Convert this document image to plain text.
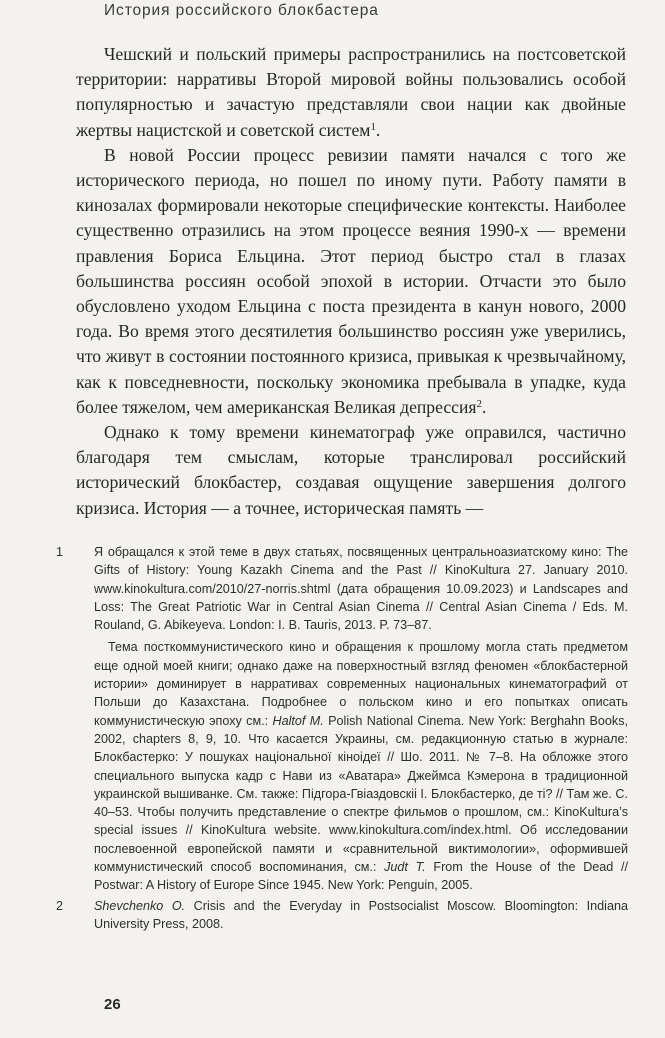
История российского блокбастера

Чешский и польский примеры распространились на постсоветской территории: нарративы Второй мировой войны пользовались особой популярностью и зачастую представляли свои нации как двойные жертвы нацистской и советской систем$^1$.

В новой России процесс ревизии памяти начался с того же исторического периода, но пошел по иному пути. Работу памяти в кинозалах формировали некоторые специфические контексты. Наиболее существенно отразились на этом процессе веяния 1990-х — времени правления Бориса Ельцина. Этот период быстро стал в глазах большинства россиян особой эпохой в истории. Отчасти это было обусловлено уходом Ельцина с поста президента в канун нового, 2000 года. Во время этого десятилетия большинство россиян уже уверились, что живут в состоянии постоянного кризиса, привыкая к чрезвычайному, как к повседневности, поскольку экономика пребывала в упадке, куда более тяжелом, чем американская Великая депрессия$^2$.

Однако к тому времени кинематограф уже оправился, частично благодаря тем смыслам, которые транслировал российский исторический блокбастер, создавая ощущение завершения долгого кризиса. История — а точнее, историческая память —

1 Я обращался к этой теме в двух статьях, посвященных центральноазиатскому кино: The Gifts of History: Young Kazakh Cinema and the Past // KinoKultura 27. January 2010. www.kinokultura.com/2010/27-norris.shtml (дата обращения 10.09.2023) и Landscapes and Loss: The Great Patriotic War in Central Asian Cinema // Central Asian Cinema / Eds. M. Rouland, G. Abikeyeva. London: I. B. Tauris, 2013. P. 73–87.
Тема посткоммунистического кино и обращения к прошлому могла стать предметом еще одной моей книги; однако даже на поверхностный взгляд феномен «блокбастерной истории» доминирует в нарративах современных национальных кинематографий от Польши до Казахстана. Подробнее о польском кино и его попытках описать коммунистическую эпоху см.: Haltof M. Polish National Cinema. New York: Berghahn Books, 2002, chapters 8, 9, 10. Что касается Украины, см. редакционную статью в журнале: Блокбастерко: У пошуках національної кіноідеї // Шо. 2011. № 7–8. На обложке этого специального выпуска кадр с Нави из «Аватара» Джеймса Кэмерона в традиционной украинской вышиванке. См. также: Підгора-Гвіаздовскіі І. Блокбастерко, де ті? // Там же. С. 40–53. Чтобы получить представление о спектре фильмов о прошлом, см.: KinoKultura’s special issues // KinoKultura website. www.kinokultura.com/index.html. Об исследовании послевоенной европейской памяти и «сравнительной виктимологии», оформившей коммунистический способ воспоминания, см.: Judt T. From the House of the Dead // Postwar: A History of Europe Since 1945. New York: Penguin, 2005.
2 Shevchenko O. Crisis and the Everyday in Postsocialist Moscow. Bloomington: Indiana University Press, 2008.
26
